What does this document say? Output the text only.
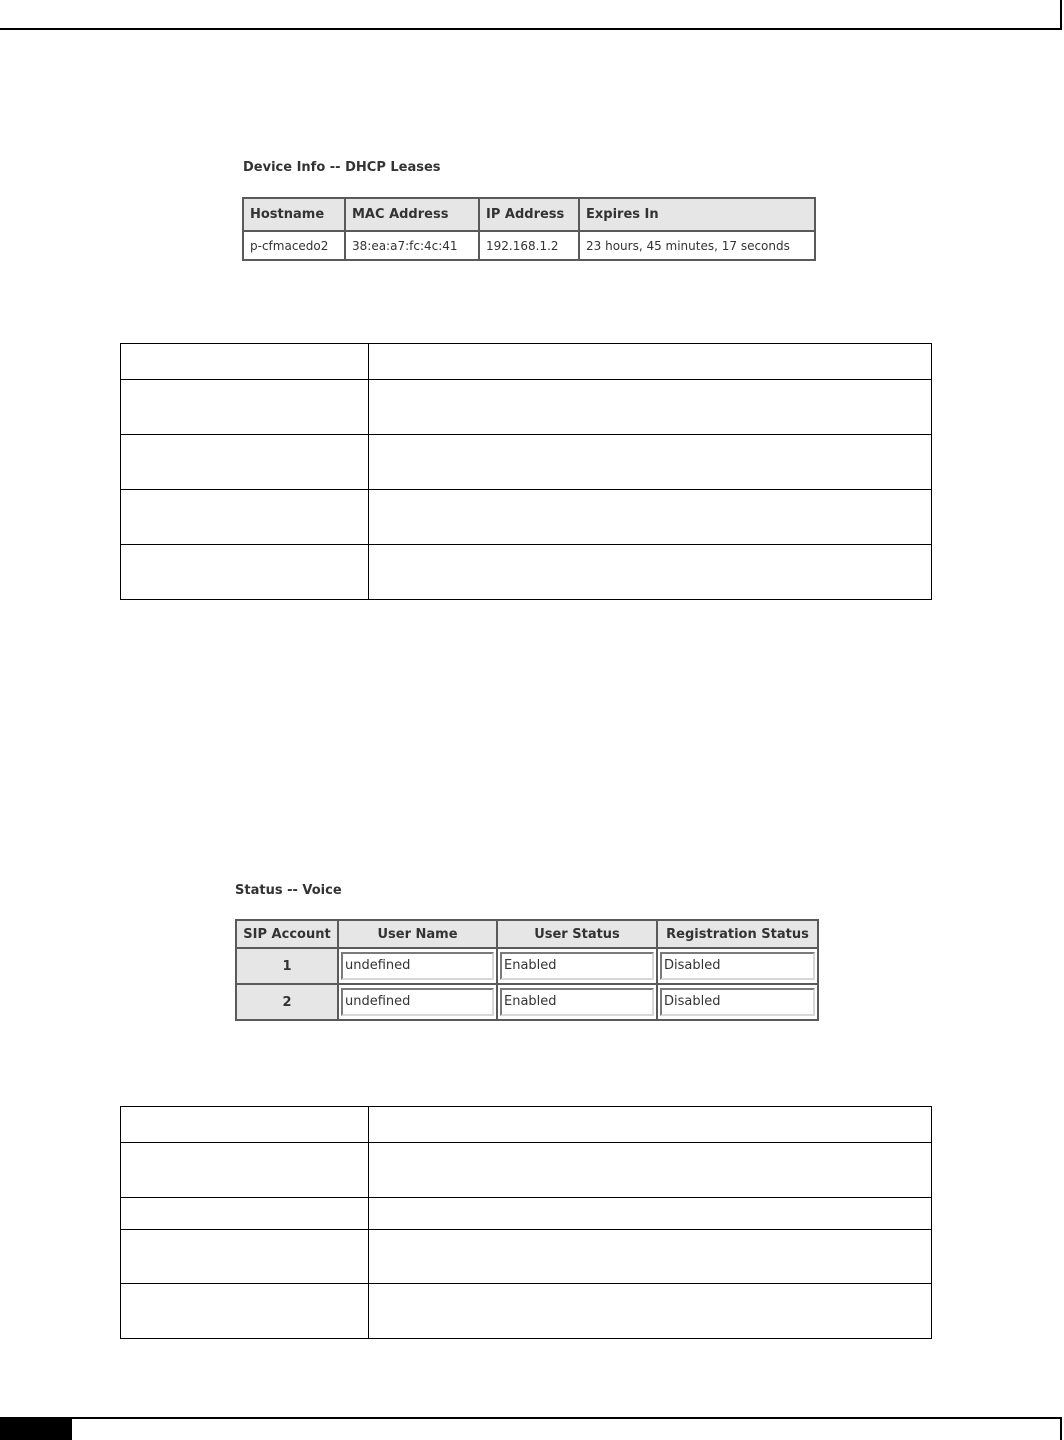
Device Info -- DHCP Leases
Hostname	MAC Address	IP Address	Expires In
p-cfmacedo2	38:ea:a7:fc:4c:41	192.168.1.2	23 hours, 45 minutes, 17 seconds

Status -- Voice
SIP Account	User Name	User Status	Registration Status
1	undefined	Enabled	Disabled

2	undefined	Enabled	Disabled
